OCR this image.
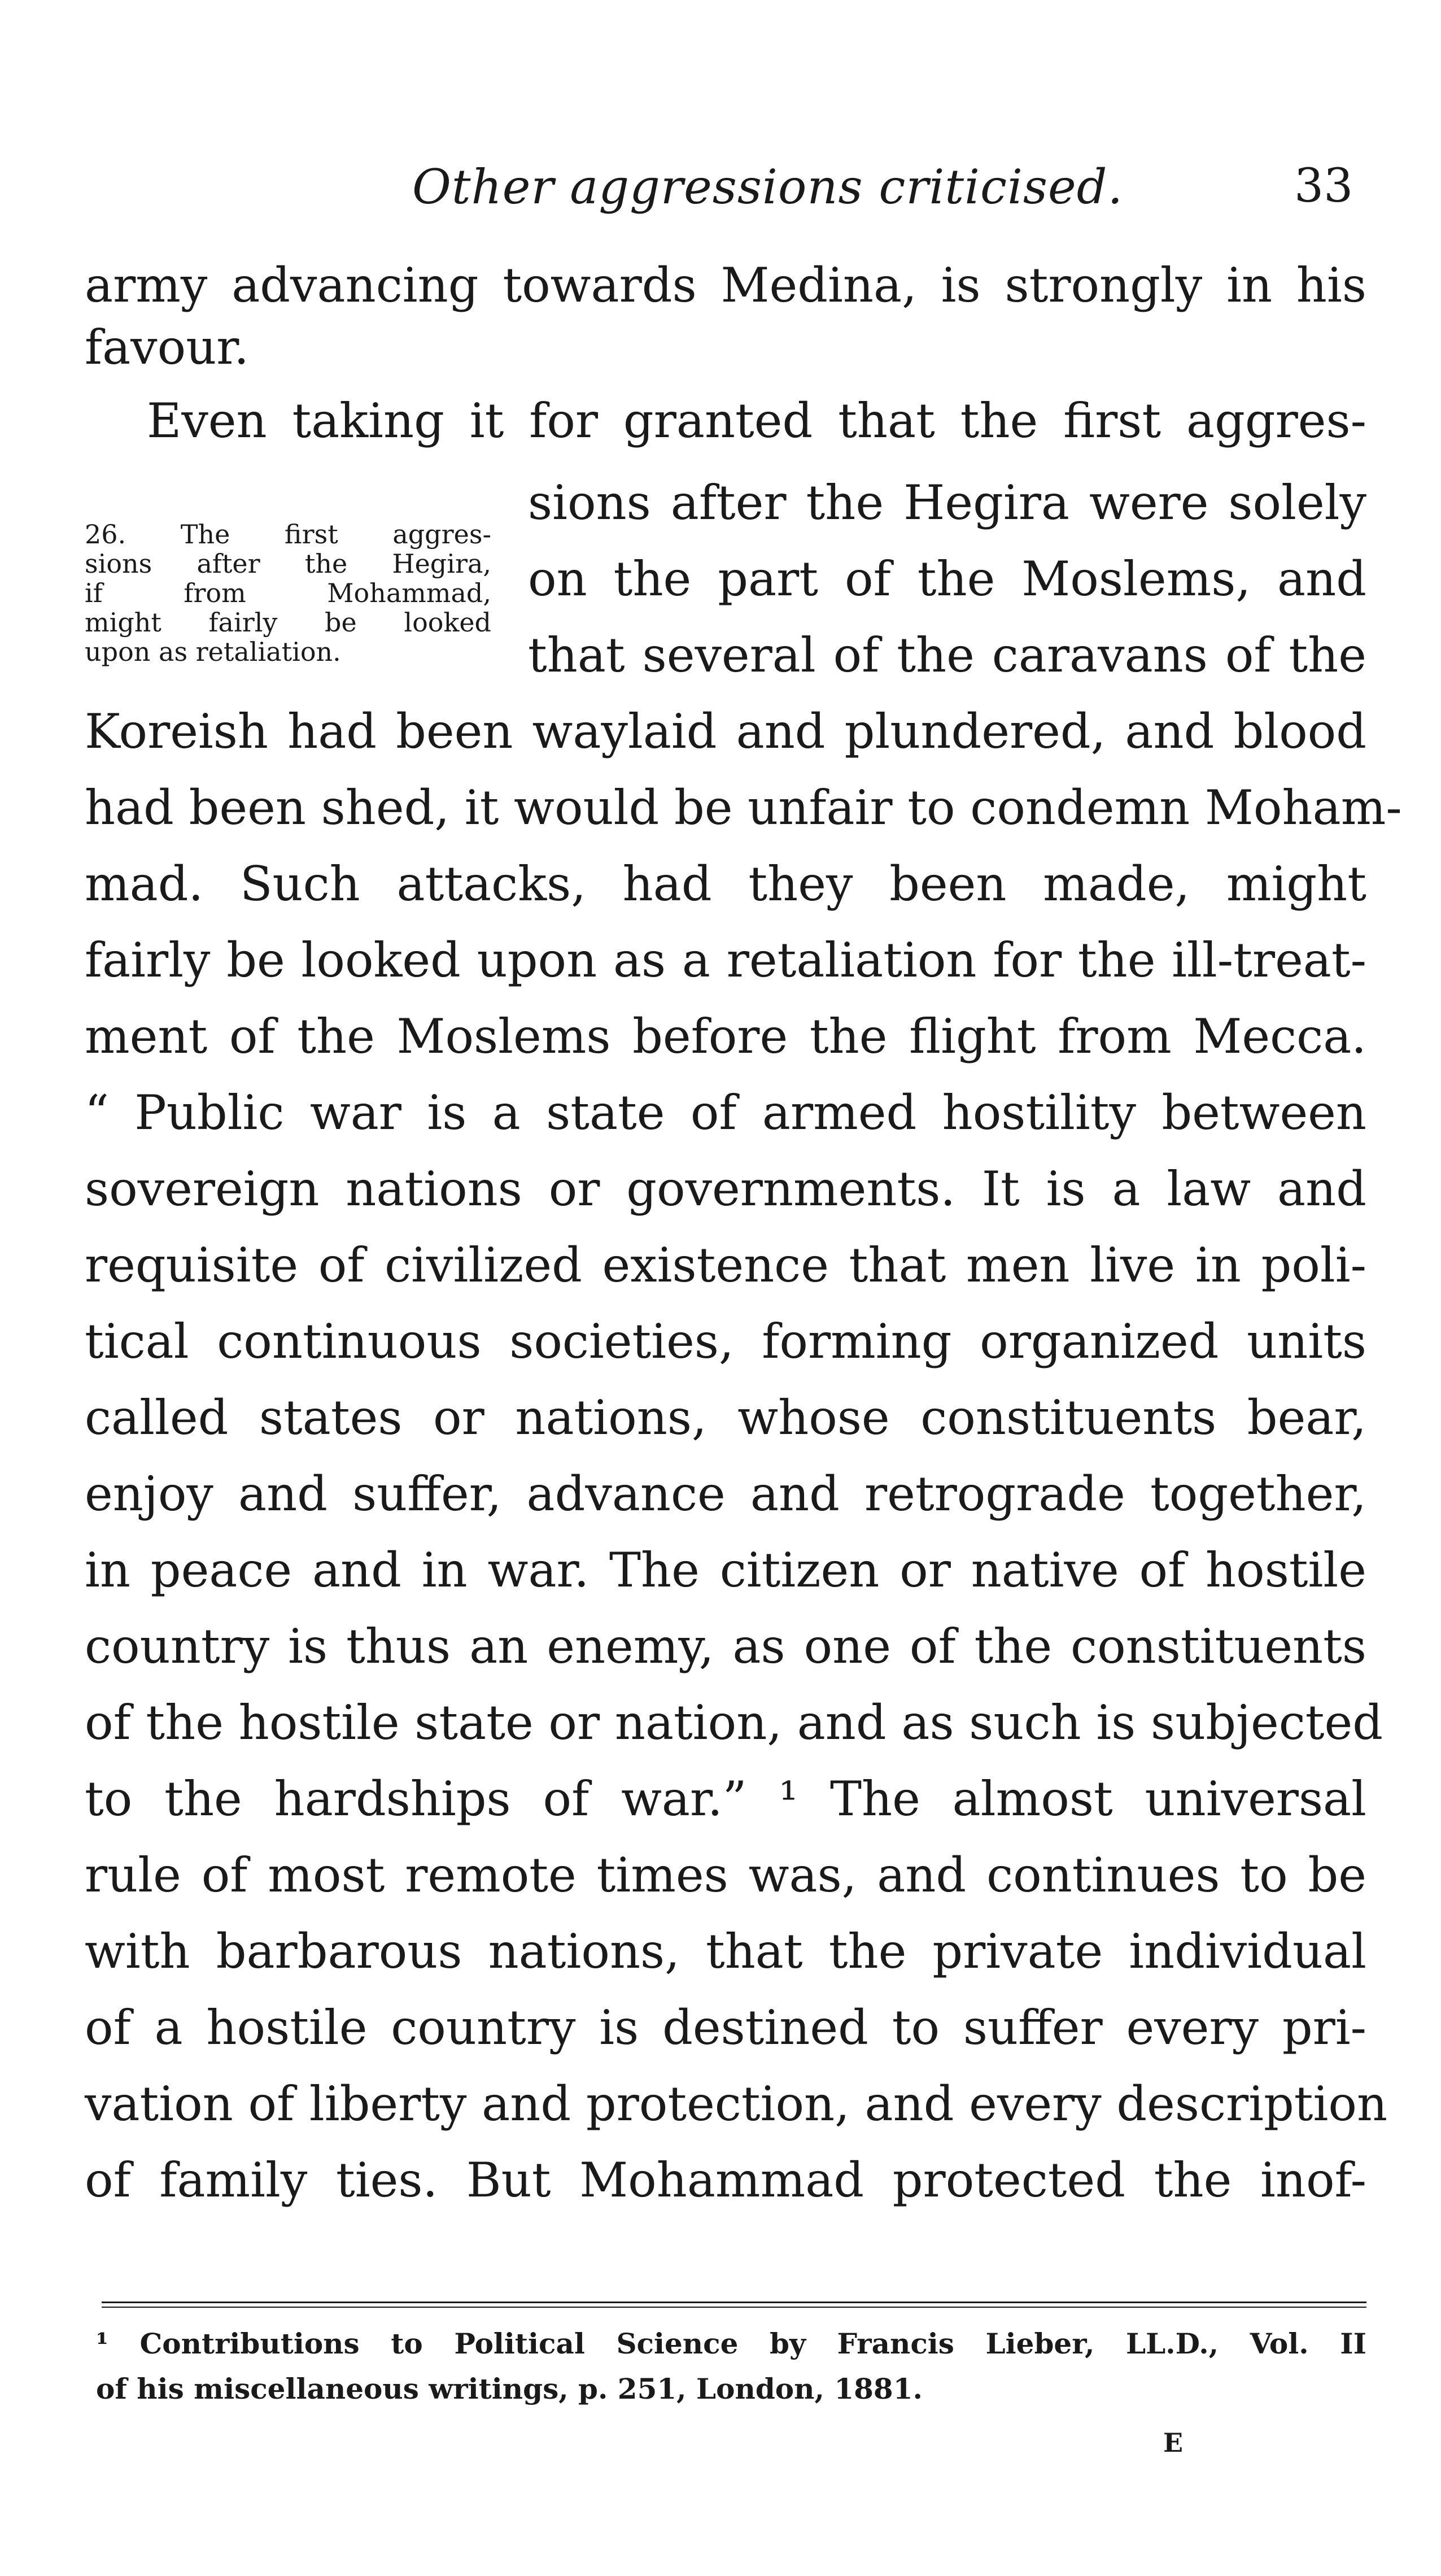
Other aggressions criticised.	33
army advancing towards Medina, is strongly in his
favour.
Even taking it for granted that the first aggres-
sions after the Hegira were solely
on the part of the Moslems, and
that several of the caravans of the
Koreish had been waylaid and plundered, and blood
had been shed, it would be unfair to condemn Moham-
mad. Such attacks, had they been made, might
fairly be looked upon as a retaliation for the ill-treat-
ment of the Moslems before the flight from Mecca.
“ Public war is a state of armed hostility between
sovereign nations or governments. It is a law and
requisite of civilized existence that men live in poli-
tical continuous societies, forming organized units
called states or nations, whose constituents bear,
enjoy and suffer, advance and retrograde together,
in peace and in war. The citizen or native of hostile
country is thus an enemy, as one of the constituents
of the hostile state or nation, and as such is subjected
to the hardships of war.” ¹ The almost universal
rule of most remote times was, and continues to be
with barbarous nations, that the private individual
of a hostile country is destined to suffer every pri-
vation of liberty and protection, and every description
of family ties. But Mohammad protected the inof-
26. The first aggres-
sions after the Hegira,
if from Mohammad,
might fairly be looked
upon as retaliation.
¹ Contributions to Political Science by Francis Lieber, LL.D., Vol. II
of his miscellaneous writings, p. 251, London, 1881.
E
